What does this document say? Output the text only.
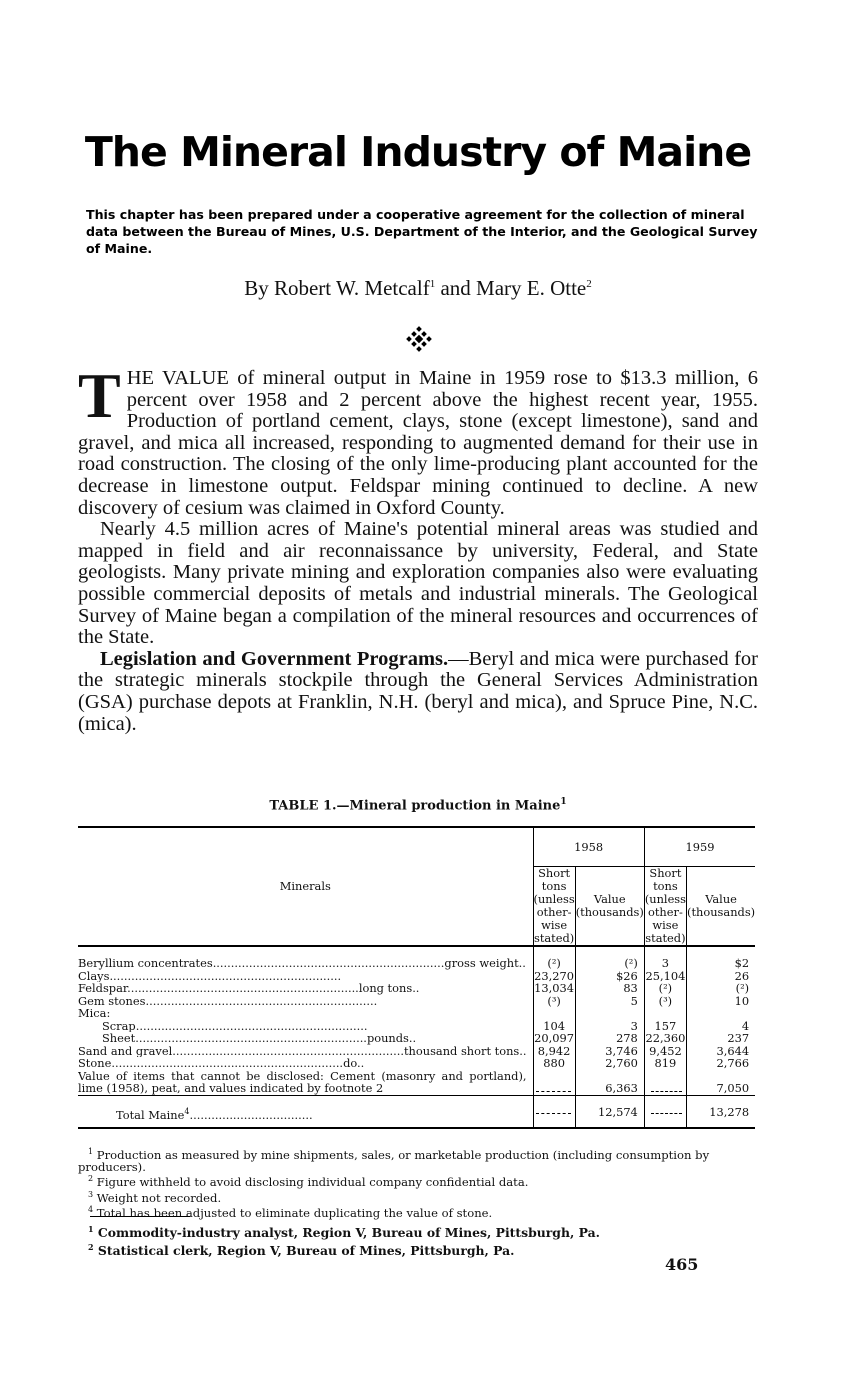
The Mineral Industry of Maine

This chapter has been prepared under a cooperative agreement for the collection of mineral data between the Bureau of Mines, U.S. Department of the Interior, and the Geological Survey of Maine.

By Robert W. Metcalf$^1$ and Mary E. Otte$^2$

THE VALUE of mineral output in Maine in 1959 rose to $13.3 million, 6 percent over 1958 and 2 percent above the highest recent year, 1955. Production of portland cement, clays, stone (except limestone), sand and gravel, and mica all increased, responding to augmented demand for their use in road construction. The closing of the only lime-producing plant accounted for the decrease in limestone output. Feldspar mining continued to decline. A new discovery of cesium was claimed in Oxford County.

Nearly 4.5 million acres of Maine's potential mineral areas was studied and mapped in field and air reconnaissance by university, Federal, and State geologists. Many private mining and exploration companies also were evaluating possible commercial deposits of metals and industrial minerals. The Geological Survey of Maine began a compilation of the mineral resources and occurrences of the State.

Legislation and Government Programs.—Beryl and mica were purchased for the strategic minerals stockpile through the General Services Administration (GSA) purchase depots at Franklin, N.H. (beryl and mica), and Spruce Pine, N.C. (mica).

TABLE 1.—Mineral production in Maine$^1$
Minerals	1958		1959	
	Short tons (unless other- wise stated)	Value (thousands)	Short tons (unless other- wise stated)	Value (thousands)

Beryllium concentrates................................................................gross weight..	(²)	(²)	3	$2
Clays................................................................	23,270	$26	25,104	26
Feldspar................................................................long tons..	13,034	83	(²)	(²)
Gem stones................................................................	(³)	5	(³)	10
Mica:				
Scrap................................................................	104	3	157	4
Sheet................................................................pounds..	20,097	278	22,360	237
Sand and gravel................................................................thousand short tons..	8,942	3,746	9,452	3,644
Stone................................................................do..	880	2,760	819	2,766
Value of items that cannot be disclosed: Cement (masonry and portland), lime (1958), peat, and values indicated by footnote 2		6,363		7,050

Total Maine$^4$..................................		12,574		13,278
$^1$ Production as measured by mine shipments, sales, or marketable production (including consumption by producers).
$^2$ Figure withheld to avoid disclosing individual company confidential data.
$^3$ Weight not recorded.
$^4$ Total has been adjusted to eliminate duplicating the value of stone.
$^1$ Commodity-industry analyst, Region V, Bureau of Mines, Pittsburgh, Pa.
$^2$ Statistical clerk, Region V, Bureau of Mines, Pittsburgh, Pa.
465
